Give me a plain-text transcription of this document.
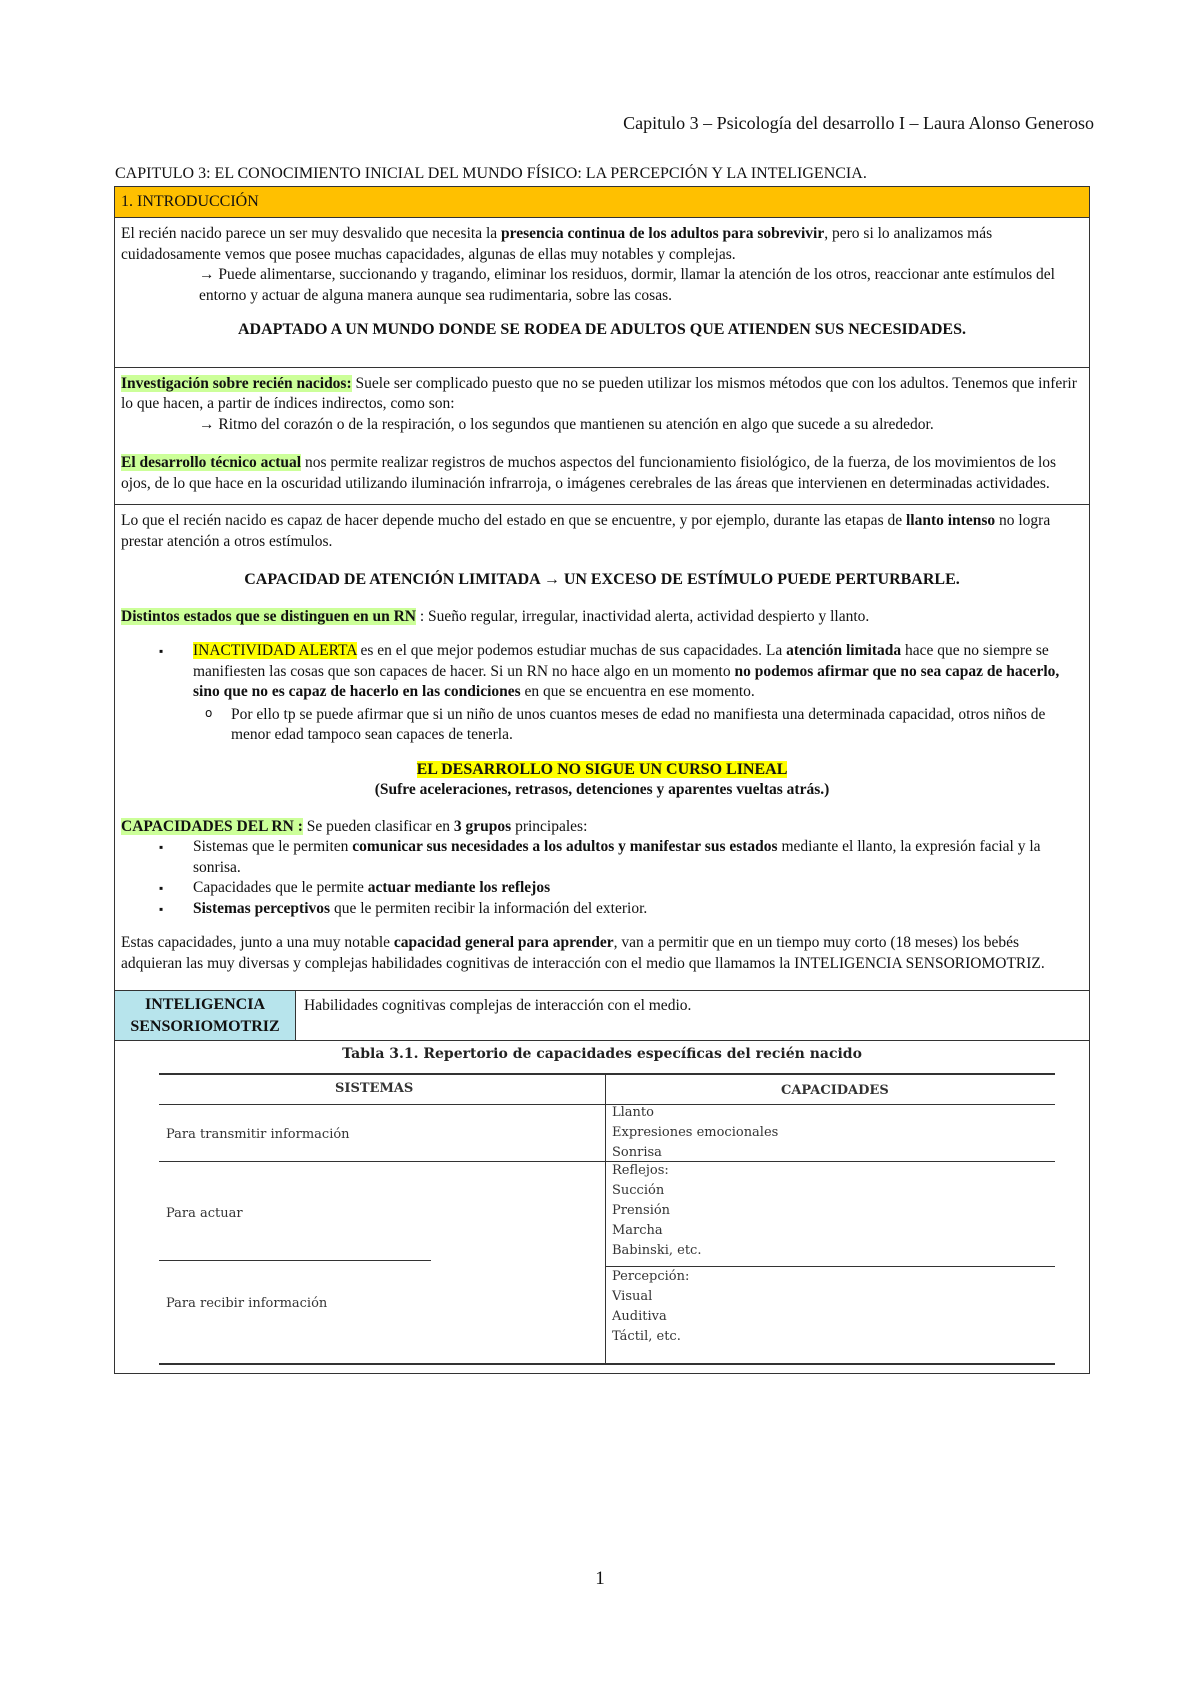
Capitulo 3 – Psicología del desarrollo I – Laura Alonso Generoso
CAPITULO 3: EL CONOCIMIENTO INICIAL DEL MUNDO FÍSICO: LA PERCEPCIÓN Y LA INTELIGENCIA.
1. INTRODUCCIÓN

El recién nacido parece un ser muy desvalido que necesita la presencia continua de los adultos para sobrevivir, pero si lo analizamos más cuidadosamente vemos que posee muchas capacidades, algunas de ellas muy notables y complejas.

→ Puede alimentarse, succionando y tragando, eliminar los residuos, dormir, llamar la atención de los otros, reaccionar ante estímulos del entorno y actuar de alguna manera aunque sea rudimentaria, sobre las cosas.

ADAPTADO A UN MUNDO DONDE SE RODEA DE ADULTOS QUE ATIENDEN SUS NECESIDADES.

Investigación sobre recién nacidos: Suele ser complicado puesto que no se pueden utilizar los mismos métodos que con los adultos. Tenemos que inferir lo que hacen, a partir de índices indirectos, como son:

→ Ritmo del corazón o de la respiración, o los segundos que mantienen su atención en algo que sucede a su alrededor.

El desarrollo técnico actual nos permite realizar registros de muchos aspectos del funcionamiento fisiológico, de la fuerza, de los movimientos de los ojos, de lo que hace en la oscuridad utilizando iluminación infrarroja, o imágenes cerebrales de las áreas que intervienen en determinadas actividades.

Lo que el recién nacido es capaz de hacer depende mucho del estado en que se encuentre, y por ejemplo, durante las etapas de llanto intenso no logra prestar atención a otros estímulos.

CAPACIDAD DE ATENCIÓN LIMITADA → UN EXCESO DE ESTÍMULO PUEDE PERTURBARLE.

Distintos estados que se distinguen en un RN : Sueño regular, irregular, inactividad alerta, actividad despierto y llanto.

▪ INACTIVIDAD ALERTA es en el que mejor podemos estudiar muchas de sus capacidades. La atención limitada hace que no siempre se manifiesten las cosas que son capaces de hacer. Si un RN no hace algo en un momento no podemos afirmar que no sea capaz de hacerlo, sino que no es capaz de hacerlo en las condiciones en que se encuentra en ese momento.
o Por ello tp se puede afirmar que si un niño de unos cuantos meses de edad no manifiesta una determinada capacidad, otros niños de menor edad tampoco sean capaces de tenerla.
EL DESARROLLO NO SIGUE UN CURSO LINEAL
(Sufre aceleraciones, retrasos, detenciones y aparentes vueltas atrás.)

CAPACIDADES DEL RN : Se pueden clasificar en 3 grupos principales:

▪ Sistemas que le permiten comunicar sus necesidades a los adultos y manifestar sus estados mediante el llanto, la expresión facial y la sonrisa.
▪ Capacidades que le permite actuar mediante los reflejos
▪ Sistemas perceptivos que le permiten recibir la información del exterior.

Estas capacidades, junto a una muy notable capacidad general para aprender, van a permitir que en un tiempo muy corto (18 meses) los bebés adquieran las muy diversas y complejas habilidades cognitivas de interacción con el medio que llamamos la INTELIGENCIA SENSORIOMOTRIZ.

INTELIGENCIA
SENSORIOMOTRIZ
Habilidades cognitivas complejas de interacción con el medio.
Tabla 3.1. Repertorio de capacidades específicas del recién nacido
SISTEMAS	CAPACIDADES
Para transmitir información
Llanto
Expresiones emocionales
Sonrisa
Para actuar
Reflejos:
Succión
Prensión
Marcha
Babinski, etc.
Para recibir información
Percepción:
Visual
Auditiva
Táctil, etc.
1
